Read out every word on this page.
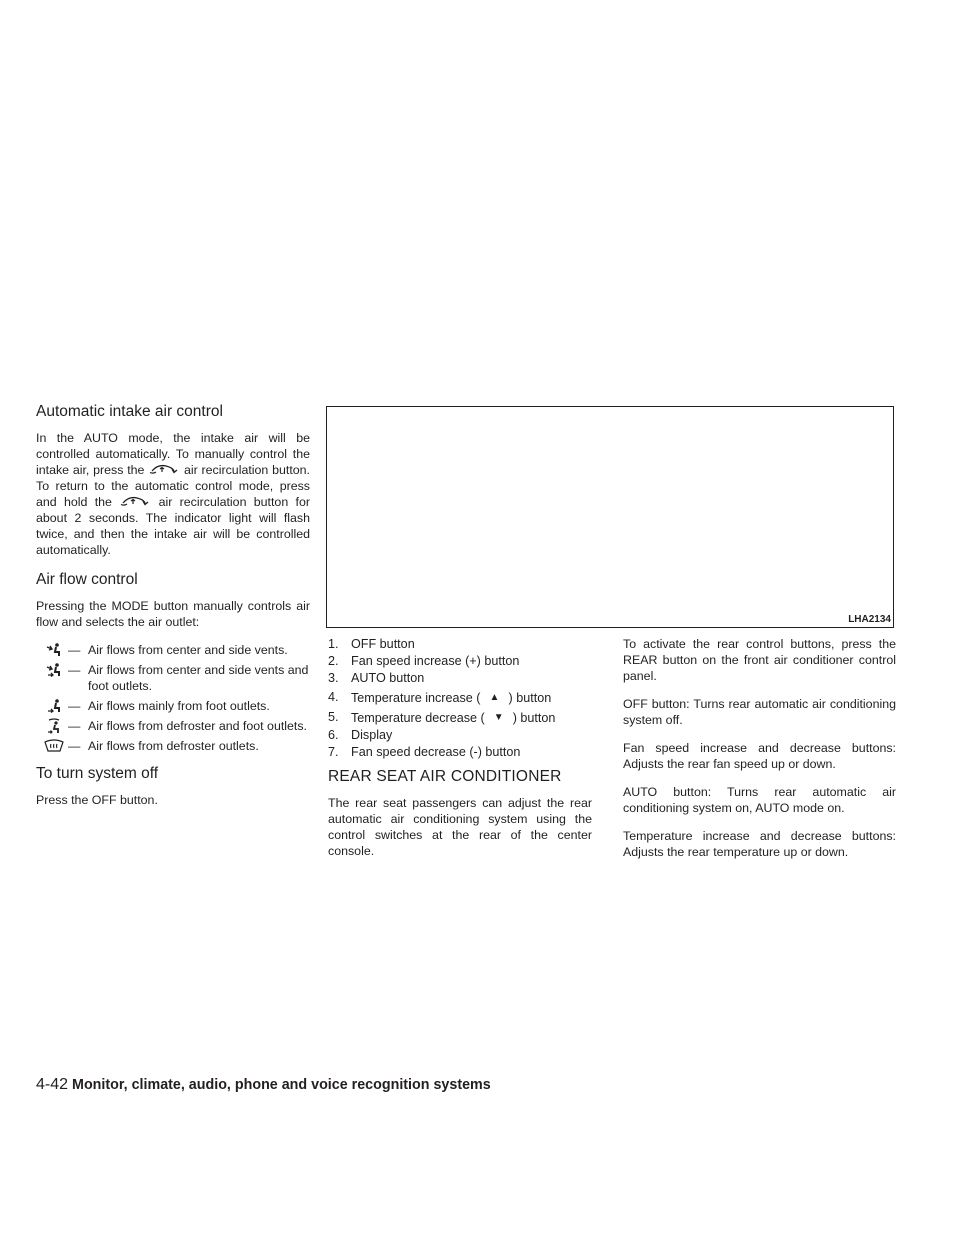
Automatic intake air control

In the AUTO mode, the intake air will be controlled automatically. To manually control the intake air, press the	air recirculation button. To return to the automatic control mode, press and hold the	air recirculation button for about 2 seconds. The indicator light will flash twice, and then the intake air will be controlled automatically.

Air flow control

Pressing the MODE button manually controls air flow and selects the air outlet:

— Air flows from center and side vents.
— Air flows from center and side vents and foot outlets.
— Air flows mainly from foot outlets.
— Air flows from defroster and foot outlets.
— Air flows from defroster outlets.
To turn system off

Press the OFF button.

LHA2134
1. OFF button
2. Fan speed increase (+) button
3. AUTO button
4. Temperature increase ( ▲ ) button
5. Temperature decrease ( ▼ ) button
6. Display
7. Fan speed decrease (-) button
REAR SEAT AIR CONDITIONER

The rear seat passengers can adjust the rear automatic air conditioning system using the control switches at the rear of the center console.

To activate the rear control buttons, press the REAR button on the front air conditioner control panel.

OFF button: Turns rear automatic air conditioning system off.

Fan speed increase and decrease buttons: Adjusts the rear fan speed up or down.

AUTO button: Turns rear automatic air conditioning system on, AUTO mode on.

Temperature increase and decrease buttons: Adjusts the rear temperature up or down.

4-42 Monitor, climate, audio, phone and voice recognition systems
